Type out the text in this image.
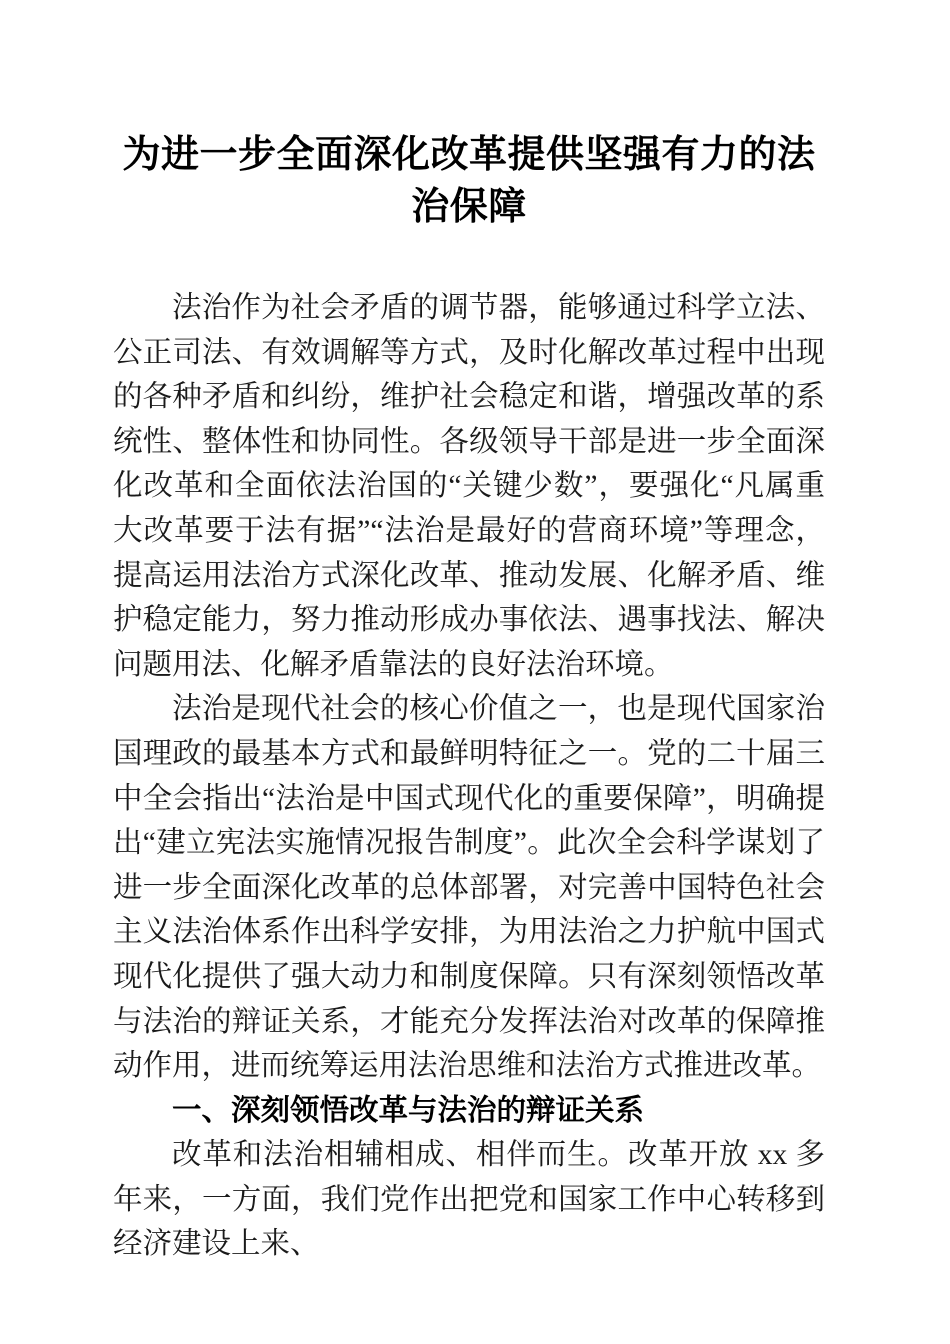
为进一步全面深化改革提供坚强有力的法治保障

法治作为社会矛盾的调节器，能够通过科学立法、公正司法、有效调解等方式，及时化解改革过程中出现的各种矛盾和纠纷，维护社会稳定和谐，增强改革的系统性、整体性和协同性。各级领导干部是进一步全面深化改革和全面依法治国的“关键少数”，要强化“凡属重大改革要于法有据”“法治是最好的营商环境”等理念，提高运用法治方式深化改革、推动发展、化解矛盾、维护稳定能力，努力推动形成办事依法、遇事找法、解决问题用法、化解矛盾靠法的良好法治环境。

法治是现代社会的核心价值之一，也是现代国家治国理政的最基本方式和最鲜明特征之一。党的二十届三中全会指出“法治是中国式现代化的重要保障”，明确提出“建立宪法实施情况报告制度”。此次全会科学谋划了进一步全面深化改革的总体部署，对完善中国特色社会主义法治体系作出科学安排，为用法治之力护航中国式现代化提供了强大动力和制度保障。只有深刻领悟改革与法治的辩证关系，才能充分发挥法治对改革的保障推动作用，进而统筹运用法治思维和法治方式推进改革。

一、深刻领悟改革与法治的辩证关系

改革和法治相辅相成、相伴而生。改革开放 xx 多年来，一方面，我们党作出把党和国家工作中心转移到经济建设上来、
